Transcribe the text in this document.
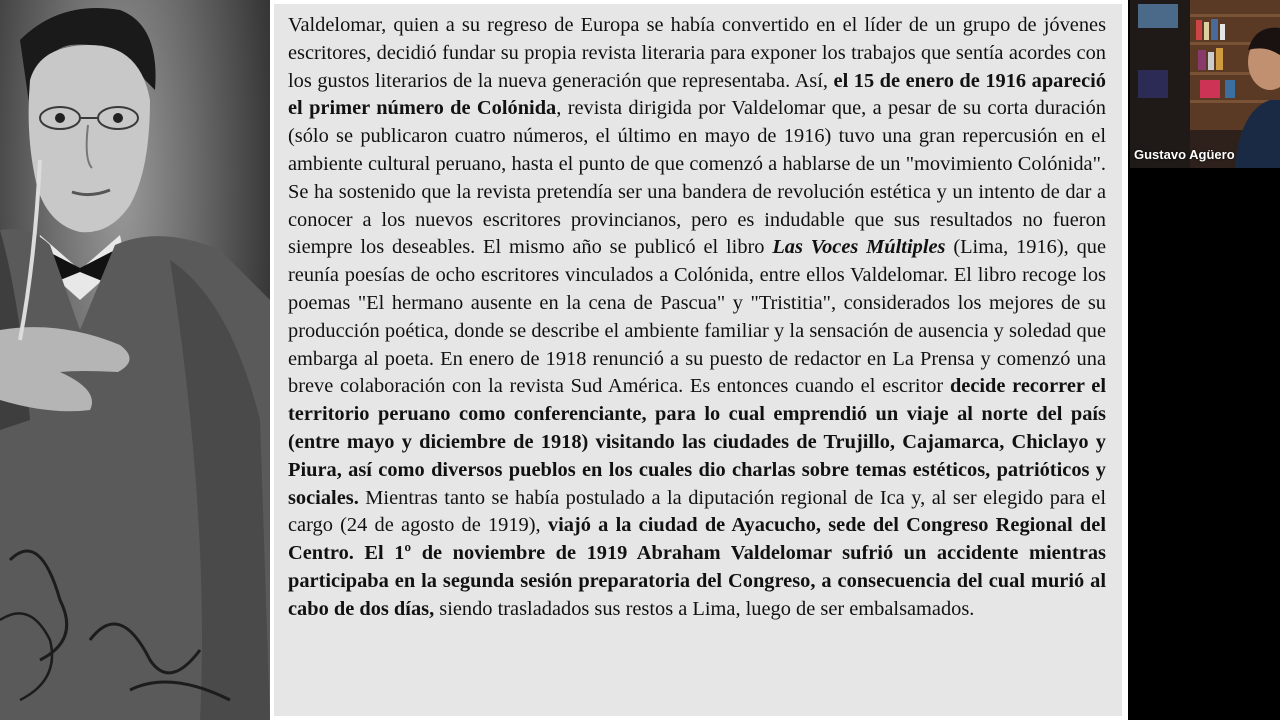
Valdelomar, quien a su regreso de Europa se había convertido en el líder de un grupo de jóvenes escritores, decidió fundar su propia revista literaria para exponer los trabajos que sentía acordes con los gustos literarios de la nueva generación que representaba. Así, el 15 de enero de 1916 apareció el primer número de Colónida, revista dirigida por Valdelomar que, a pesar de su corta duración (sólo se publicaron cuatro números, el último en mayo de 1916) tuvo una gran repercusión en el ambiente cultural peruano, hasta el punto de que comenzó a hablarse de un "movimiento Colónida". Se ha sostenido que la revista pretendía ser una bandera de revolución estética y un intento de dar a conocer a los nuevos escritores provincianos, pero es indudable que sus resultados no fueron siempre los deseables. El mismo año se publicó el libro Las Voces Múltiples (Lima, 1916), que reunía poesías de ocho escritores vinculados a Colónida, entre ellos Valdelomar. El libro recoge los poemas "El hermano ausente en la cena de Pascua" y "Tristitia", considerados los mejores de su producción poética, donde se describe el ambiente familiar y la sensación de ausencia y soledad que embarga al poeta. En enero de 1918 renunció a su puesto de redactor en La Prensa y comenzó una breve colaboración con la revista Sud América. Es entonces cuando el escritor decide recorrer el territorio peruano como conferenciante, para lo cual emprendió un viaje al norte del país (entre mayo y diciembre de 1918) visitando las ciudades de Trujillo, Cajamarca, Chiclayo y Piura, así como diversos pueblos en los cuales dio charlas sobre temas estéticos, patrióticos y sociales. Mientras tanto se había postulado a la diputación regional de Ica y, al ser elegido para el cargo (24 de agosto de 1919), viajó a la ciudad de Ayacucho, sede del Congreso Regional del Centro. El 1º de noviembre de 1919 Abraham Valdelomar sufrió un accidente mientras participaba en la segunda sesión preparatoria del Congreso, a consecuencia del cual murió al cabo de dos días, siendo trasladados sus restos a Lima, luego de ser embalsamados.

Gustavo Agüero
